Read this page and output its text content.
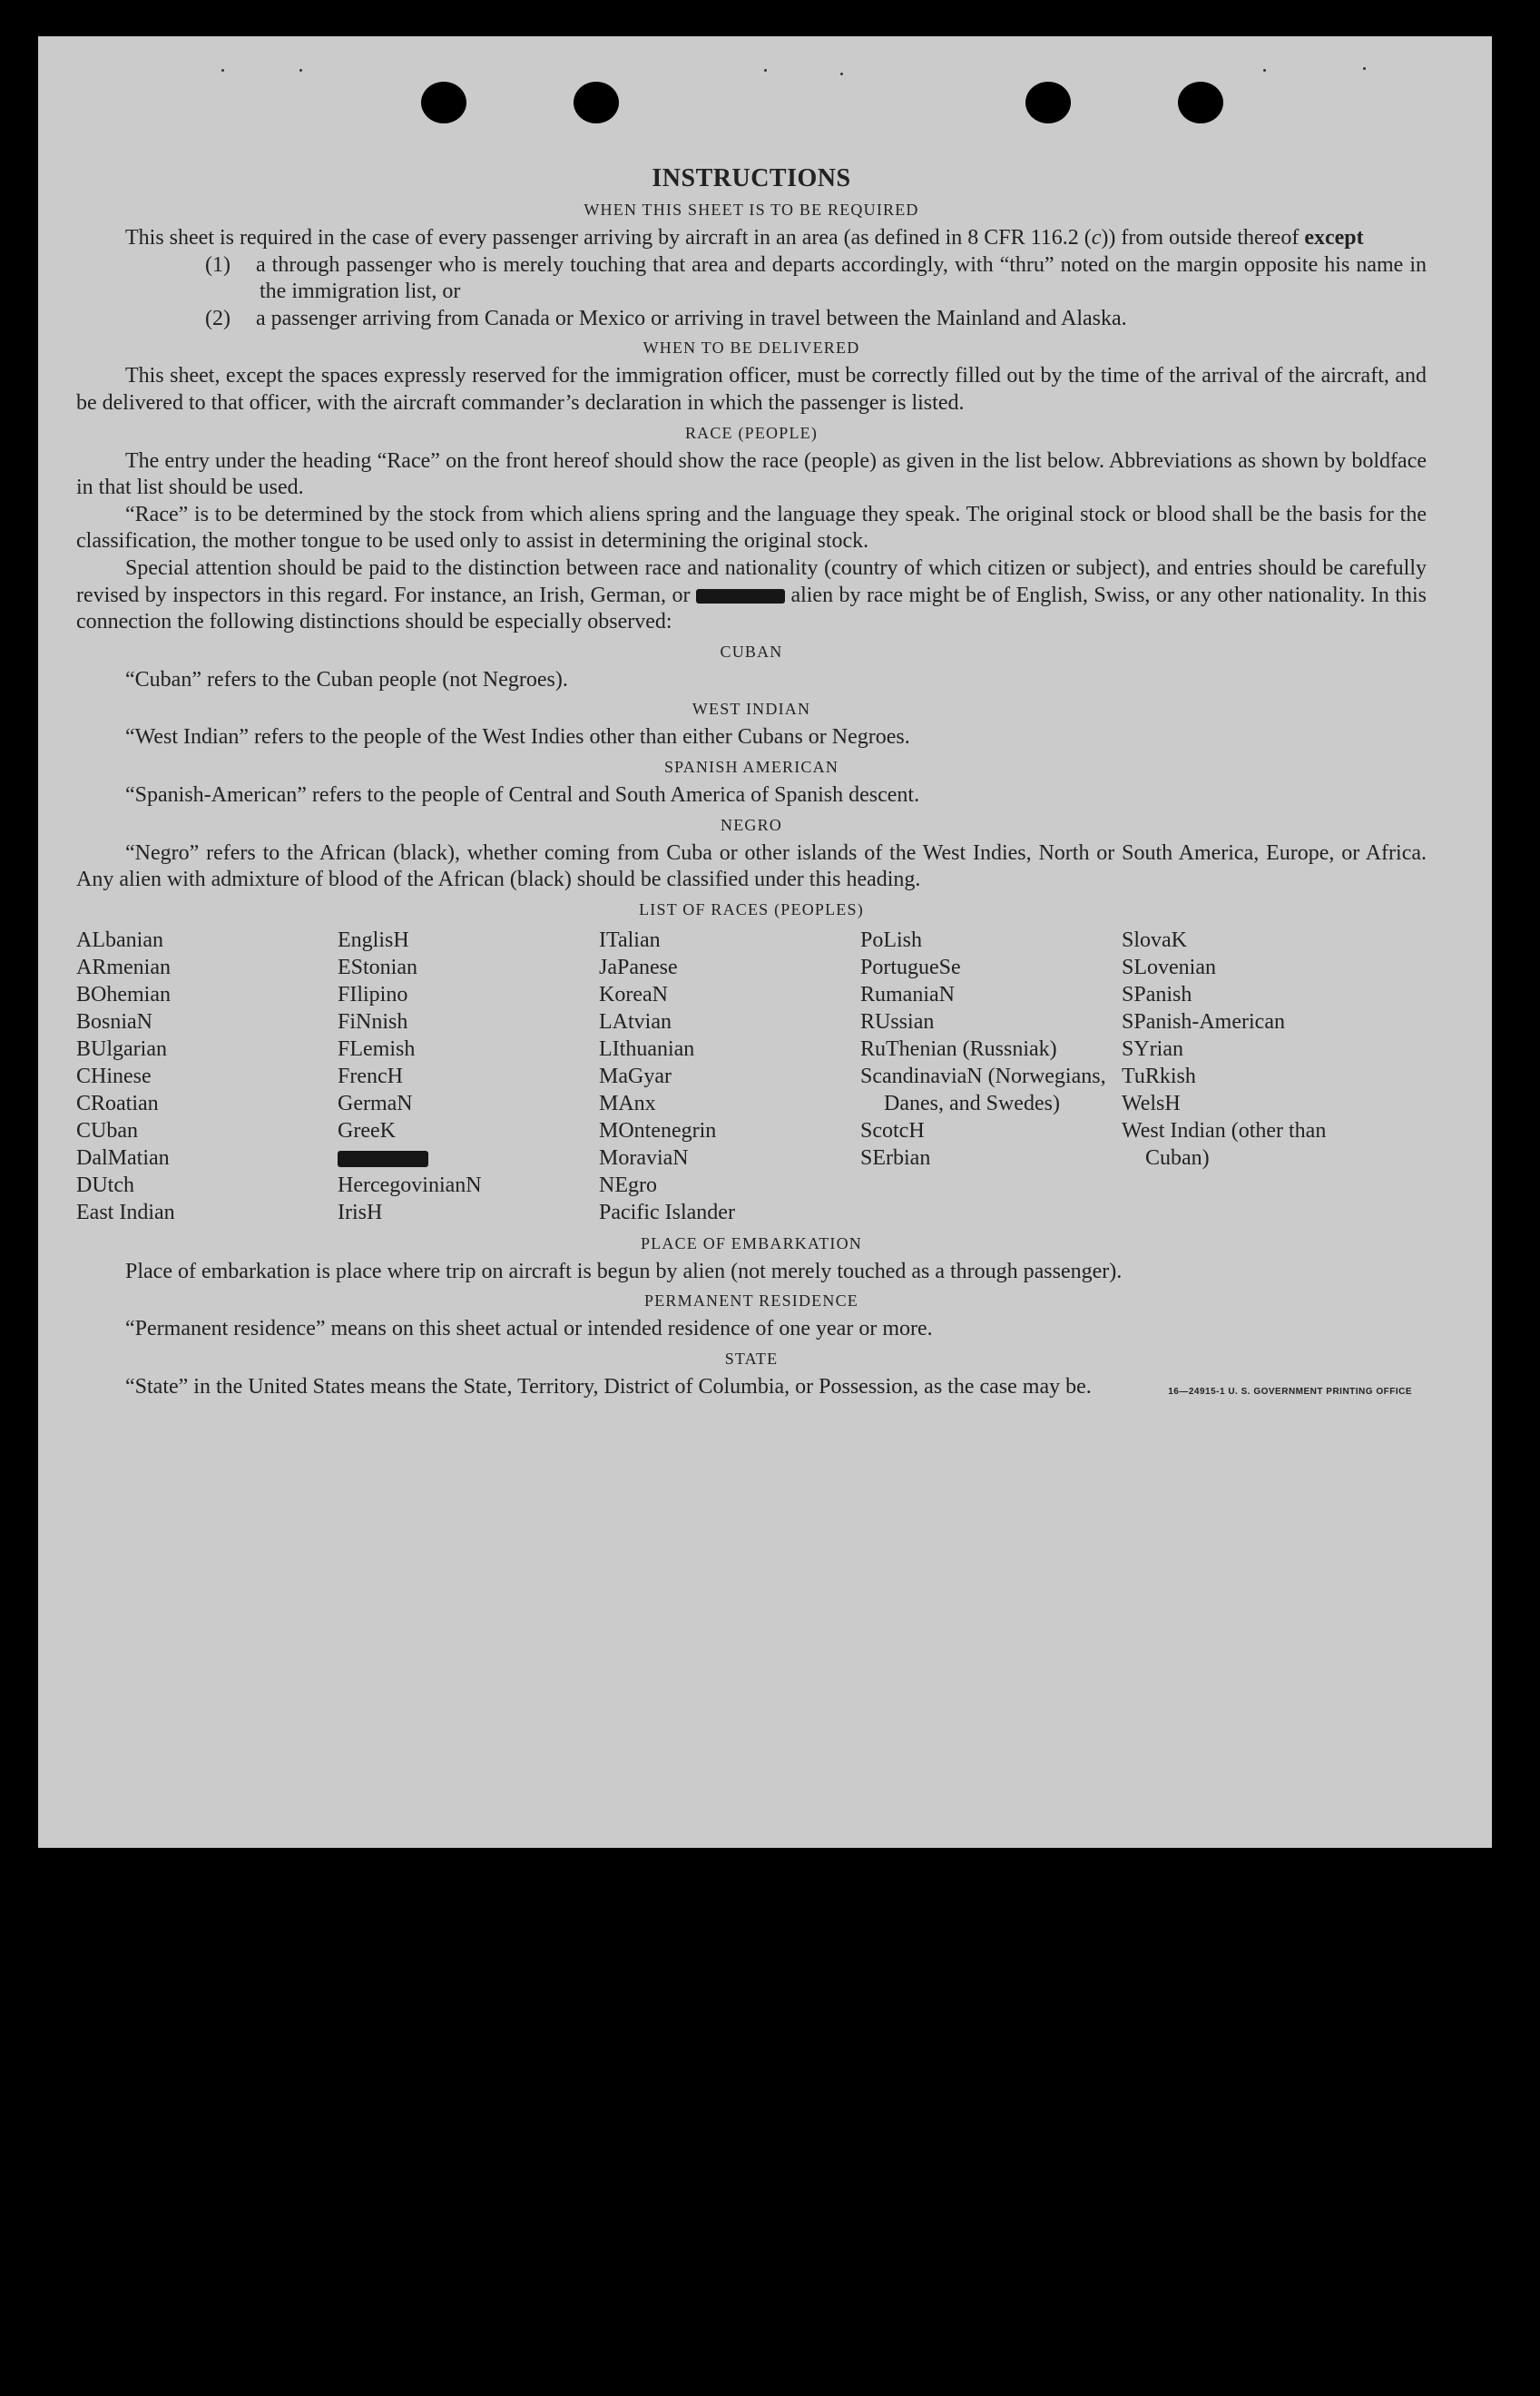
INSTRUCTIONS
WHEN THIS SHEET IS TO BE REQUIRED

This sheet is required in the case of every passenger arriving by aircraft in an area (as defined in 8 CFR 116.2 (c)) from outside thereof except

(1) a through passenger who is merely touching that area and departs accordingly, with “thru” noted on the margin opposite his name in the immigration list, or
(2) a passenger arriving from Canada or Mexico or arriving in travel between the Mainland and Alaska.
WHEN TO BE DELIVERED

This sheet, except the spaces expressly reserved for the immigration officer, must be correctly filled out by the time of the arrival of the aircraft, and be delivered to that officer, with the aircraft commander’s declaration in which the passenger is listed.

RACE (PEOPLE)

The entry under the heading “Race” on the front hereof should show the race (people) as given in the list below. Abbreviations as shown by boldface in that list should be used.

“Race” is to be determined by the stock from which aliens spring and the language they speak. The original stock or blood shall be the basis for the classification, the mother tongue to be used only to assist in determining the original stock.

Special attention should be paid to the distinction between race and nationality (country of which citizen or subject), and entries should be carefully revised by inspectors in this regard. For instance, an Irish, German, or	alien by race might be of English, Swiss, or any other nationality. In this connection the following distinctions should be especially observed:

CUBAN

“Cuban” refers to the Cuban people (not Negroes).

WEST INDIAN

“West Indian” refers to the people of the West Indies other than either Cubans or Negroes.

SPANISH AMERICAN

“Spanish-American” refers to the people of Central and South America of Spanish descent.

NEGRO

“Negro” refers to the African (black), whether coming from Cuba or other islands of the West Indies, North or South America, Europe, or Africa. Any alien with admixture of blood of the African (black) should be classified under this heading.

LIST OF RACES (PEOPLES)
ALbanian
ARmenian
BOhemian
BosniaN
BUlgarian
CHinese
CRoatian
CUban
DalMatian
DUtch
East Indian
EnglisH
EStonian
FIlipino
FiNnish
FLemish
FrencH
GermaN
GreeK
HercegovinianN
IrisH
ITalian
JaPanese
KoreaN
LAtvian
LIthuanian
MaGyar
MAnx
MOntenegrin
MoraviaN
NEgro
Pacific Islander
PoLish
PortugueSe
RumaniaN
RUssian
RuThenian (Russniak)
ScandinaviaN (Norwegians, Danes, and Swedes)
ScotcH
SErbian
SlovaK
SLovenian
SPanish
SPanish-American
SYrian
TuRkish
WelsH
West Indian (other than Cuban)
PLACE OF EMBARKATION

Place of embarkation is place where trip on aircraft is begun by alien (not merely touched as a through passenger).

PERMANENT RESIDENCE

“Permanent residence” means on this sheet actual or intended residence of one year or more.

STATE

“State” in the United States means the State, Territory, District of Columbia, or Possession, as the case may be.	16—24915-1 U. S. GOVERNMENT PRINTING OFFICE
